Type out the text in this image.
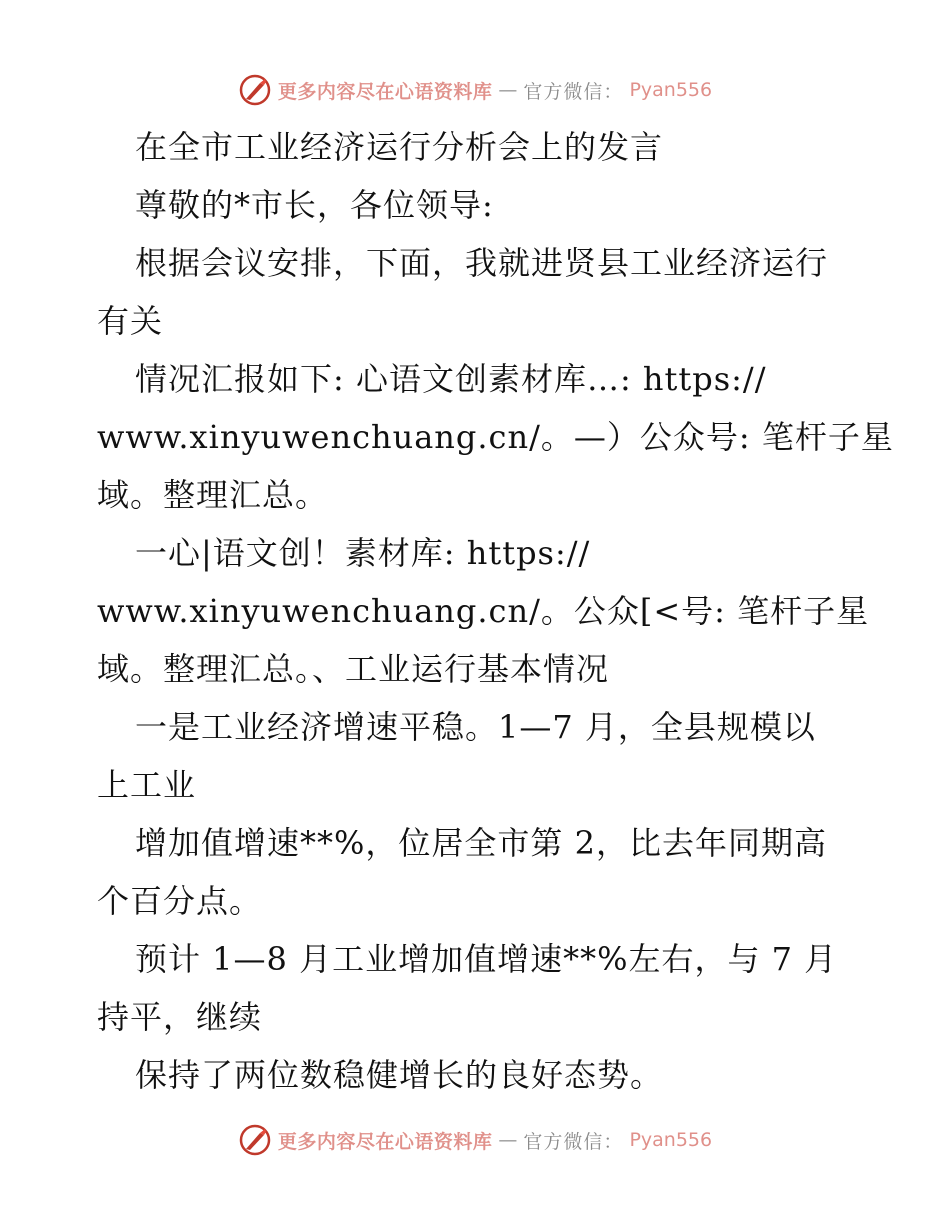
更多内容尽在心语资料库 — 官方微信： Pyan556
在全市工业经济运行分析会上的发言
尊敬的*市长，各位领导:
根据会议安排，下面，我就进贤县工业经济运行
有关
情况汇报如下: 心语文创素材库…: https://
www.xinyuwenchuang.cn/。—）公众号: 笔杆子星
域。整理汇总。
一心|语文创！素材库: https://
www.xinyuwenchuang.cn/。公众[<号: 笔杆子星
域。整理汇总。、工业运行基本情况
一是工业经济增速平稳。1—7 月，全县规模以
上工业
增加值增速**%，位居全市第 2，比去年同期高
个百分点。
预计 1—8 月工业增加值增速**%左右，与 7 月
持平，继续
保持了两位数稳健增长的良好态势。
更多内容尽在心语资料库 — 官方微信： Pyan556
